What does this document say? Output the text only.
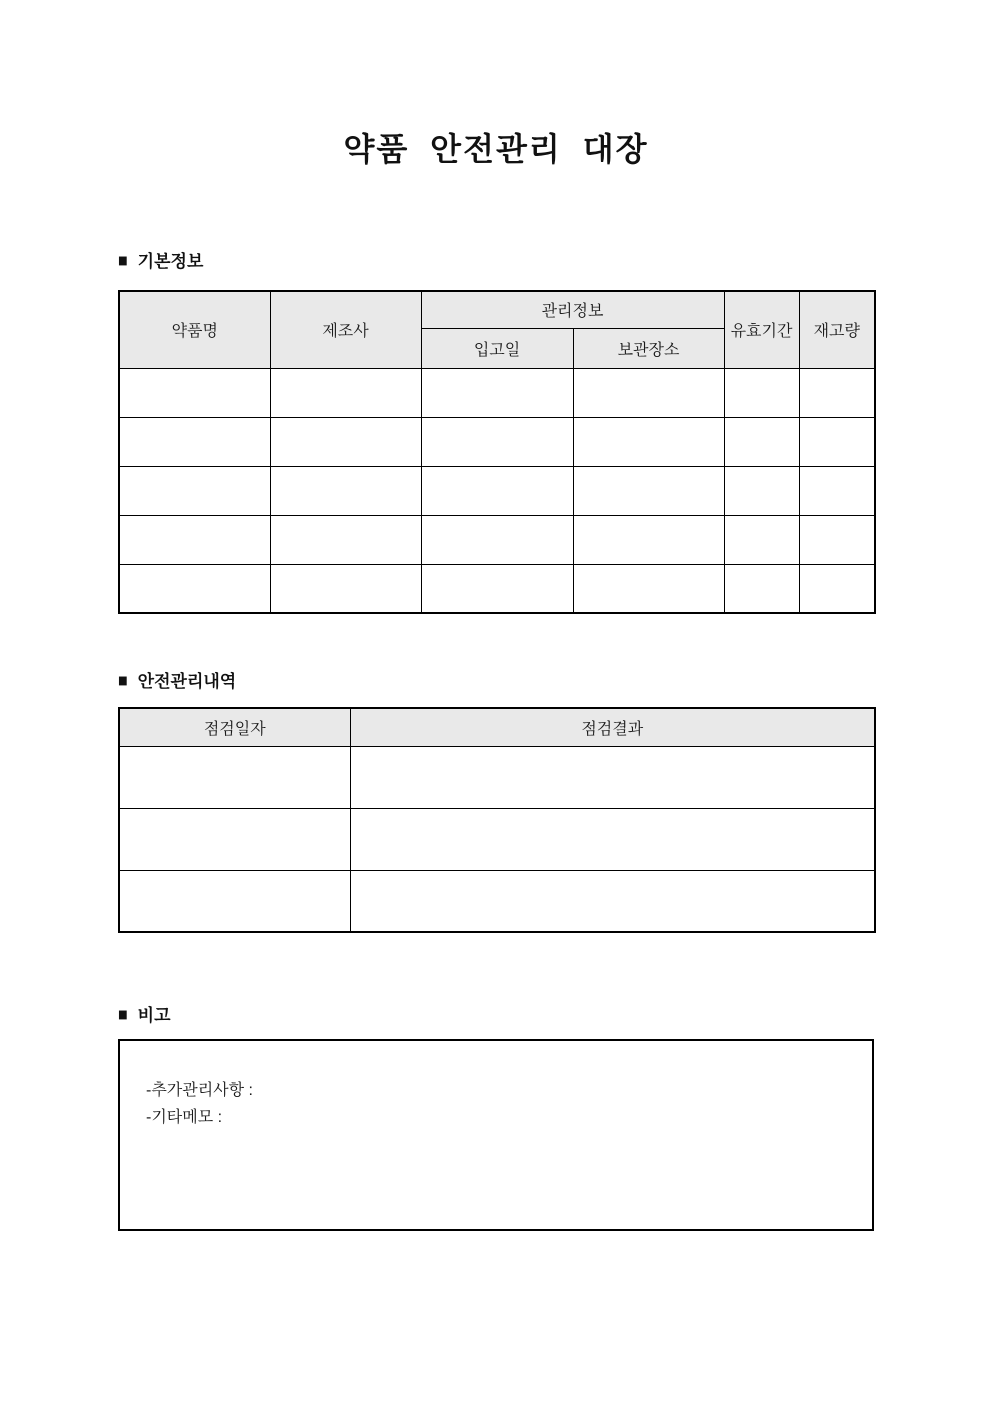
약품 안전관리 대장
■ 기본정보
약품명	제조사	관리정보		유효기간	재고량
		입고일	보관장소		

■ 안전관리내역
점검일자	점검결과

■ 비고
-추가관리사항 :
-기타메모 :
